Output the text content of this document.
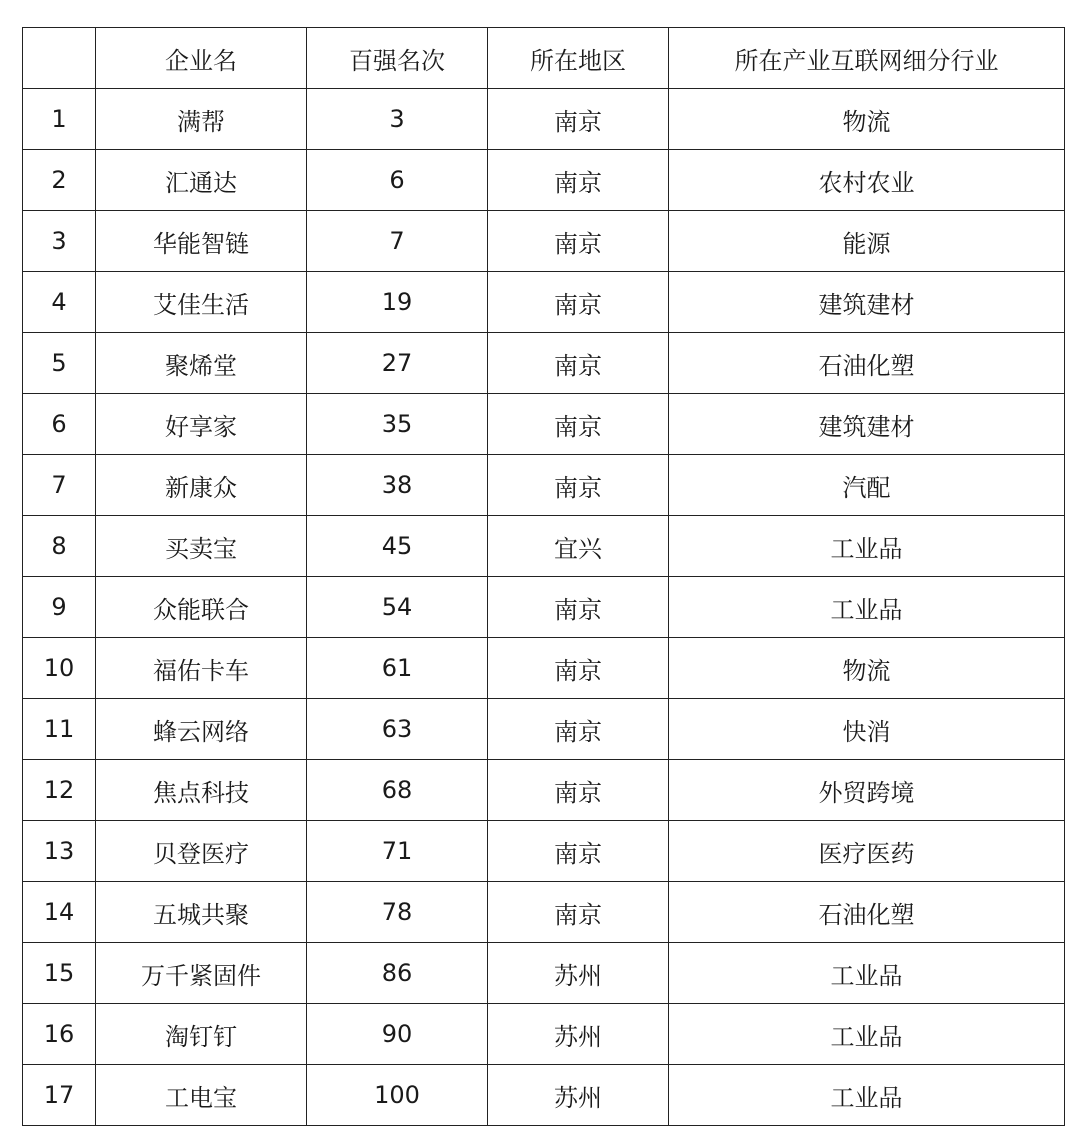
	企业名	百强名次	所在地区	所在产业互联网细分行业
1	满帮	3	南京	物流
2	汇通达	6	南京	农村农业
3	华能智链	7	南京	能源
4	艾佳生活	19	南京	建筑建材
5	聚烯堂	27	南京	石油化塑
6	好享家	35	南京	建筑建材
7	新康众	38	南京	汽配
8	买卖宝	45	宜兴	工业品
9	众能联合	54	南京	工业品
10	福佑卡车	61	南京	物流
11	蜂云网络	63	南京	快消
12	焦点科技	68	南京	外贸跨境
13	贝登医疗	71	南京	医疗医药
14	五城共聚	78	南京	石油化塑
15	万千紧固件	86	苏州	工业品
16	淘钉钉	90	苏州	工业品
17	工电宝	100	苏州	工业品
